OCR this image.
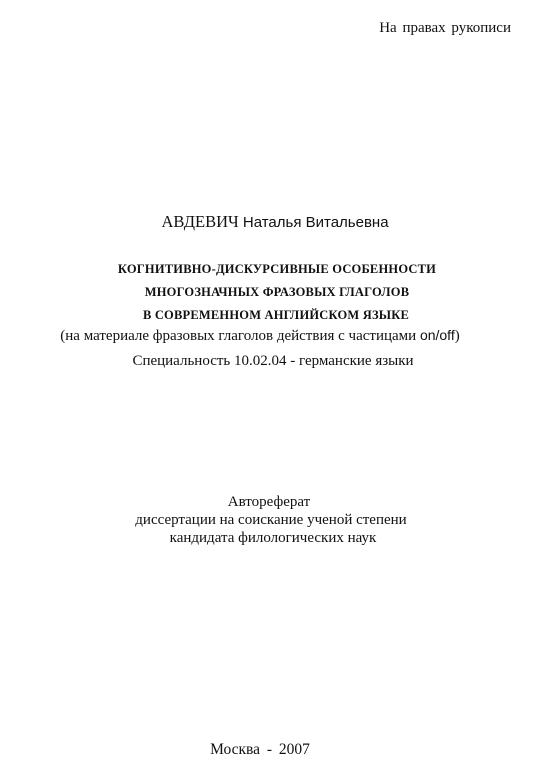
На правах рукописи
АВДЕВИЧ Наталья Витальевна
КОГНИТИВНО-ДИСКУРСИВНЫЕ ОСОБЕННОСТИ
МНОГОЗНАЧНЫХ ФРАЗОВЫХ ГЛАГОЛОВ
В СОВРЕМЕННОМ АНГЛИЙСКОМ ЯЗЫКЕ
(на материале фразовых глаголов действия с частицами on/off)
Специальность 10.02.04 - германские языки
Автореферат
диссертации на соискание ученой степени
кандидата филологических наук
Москва - 2007
